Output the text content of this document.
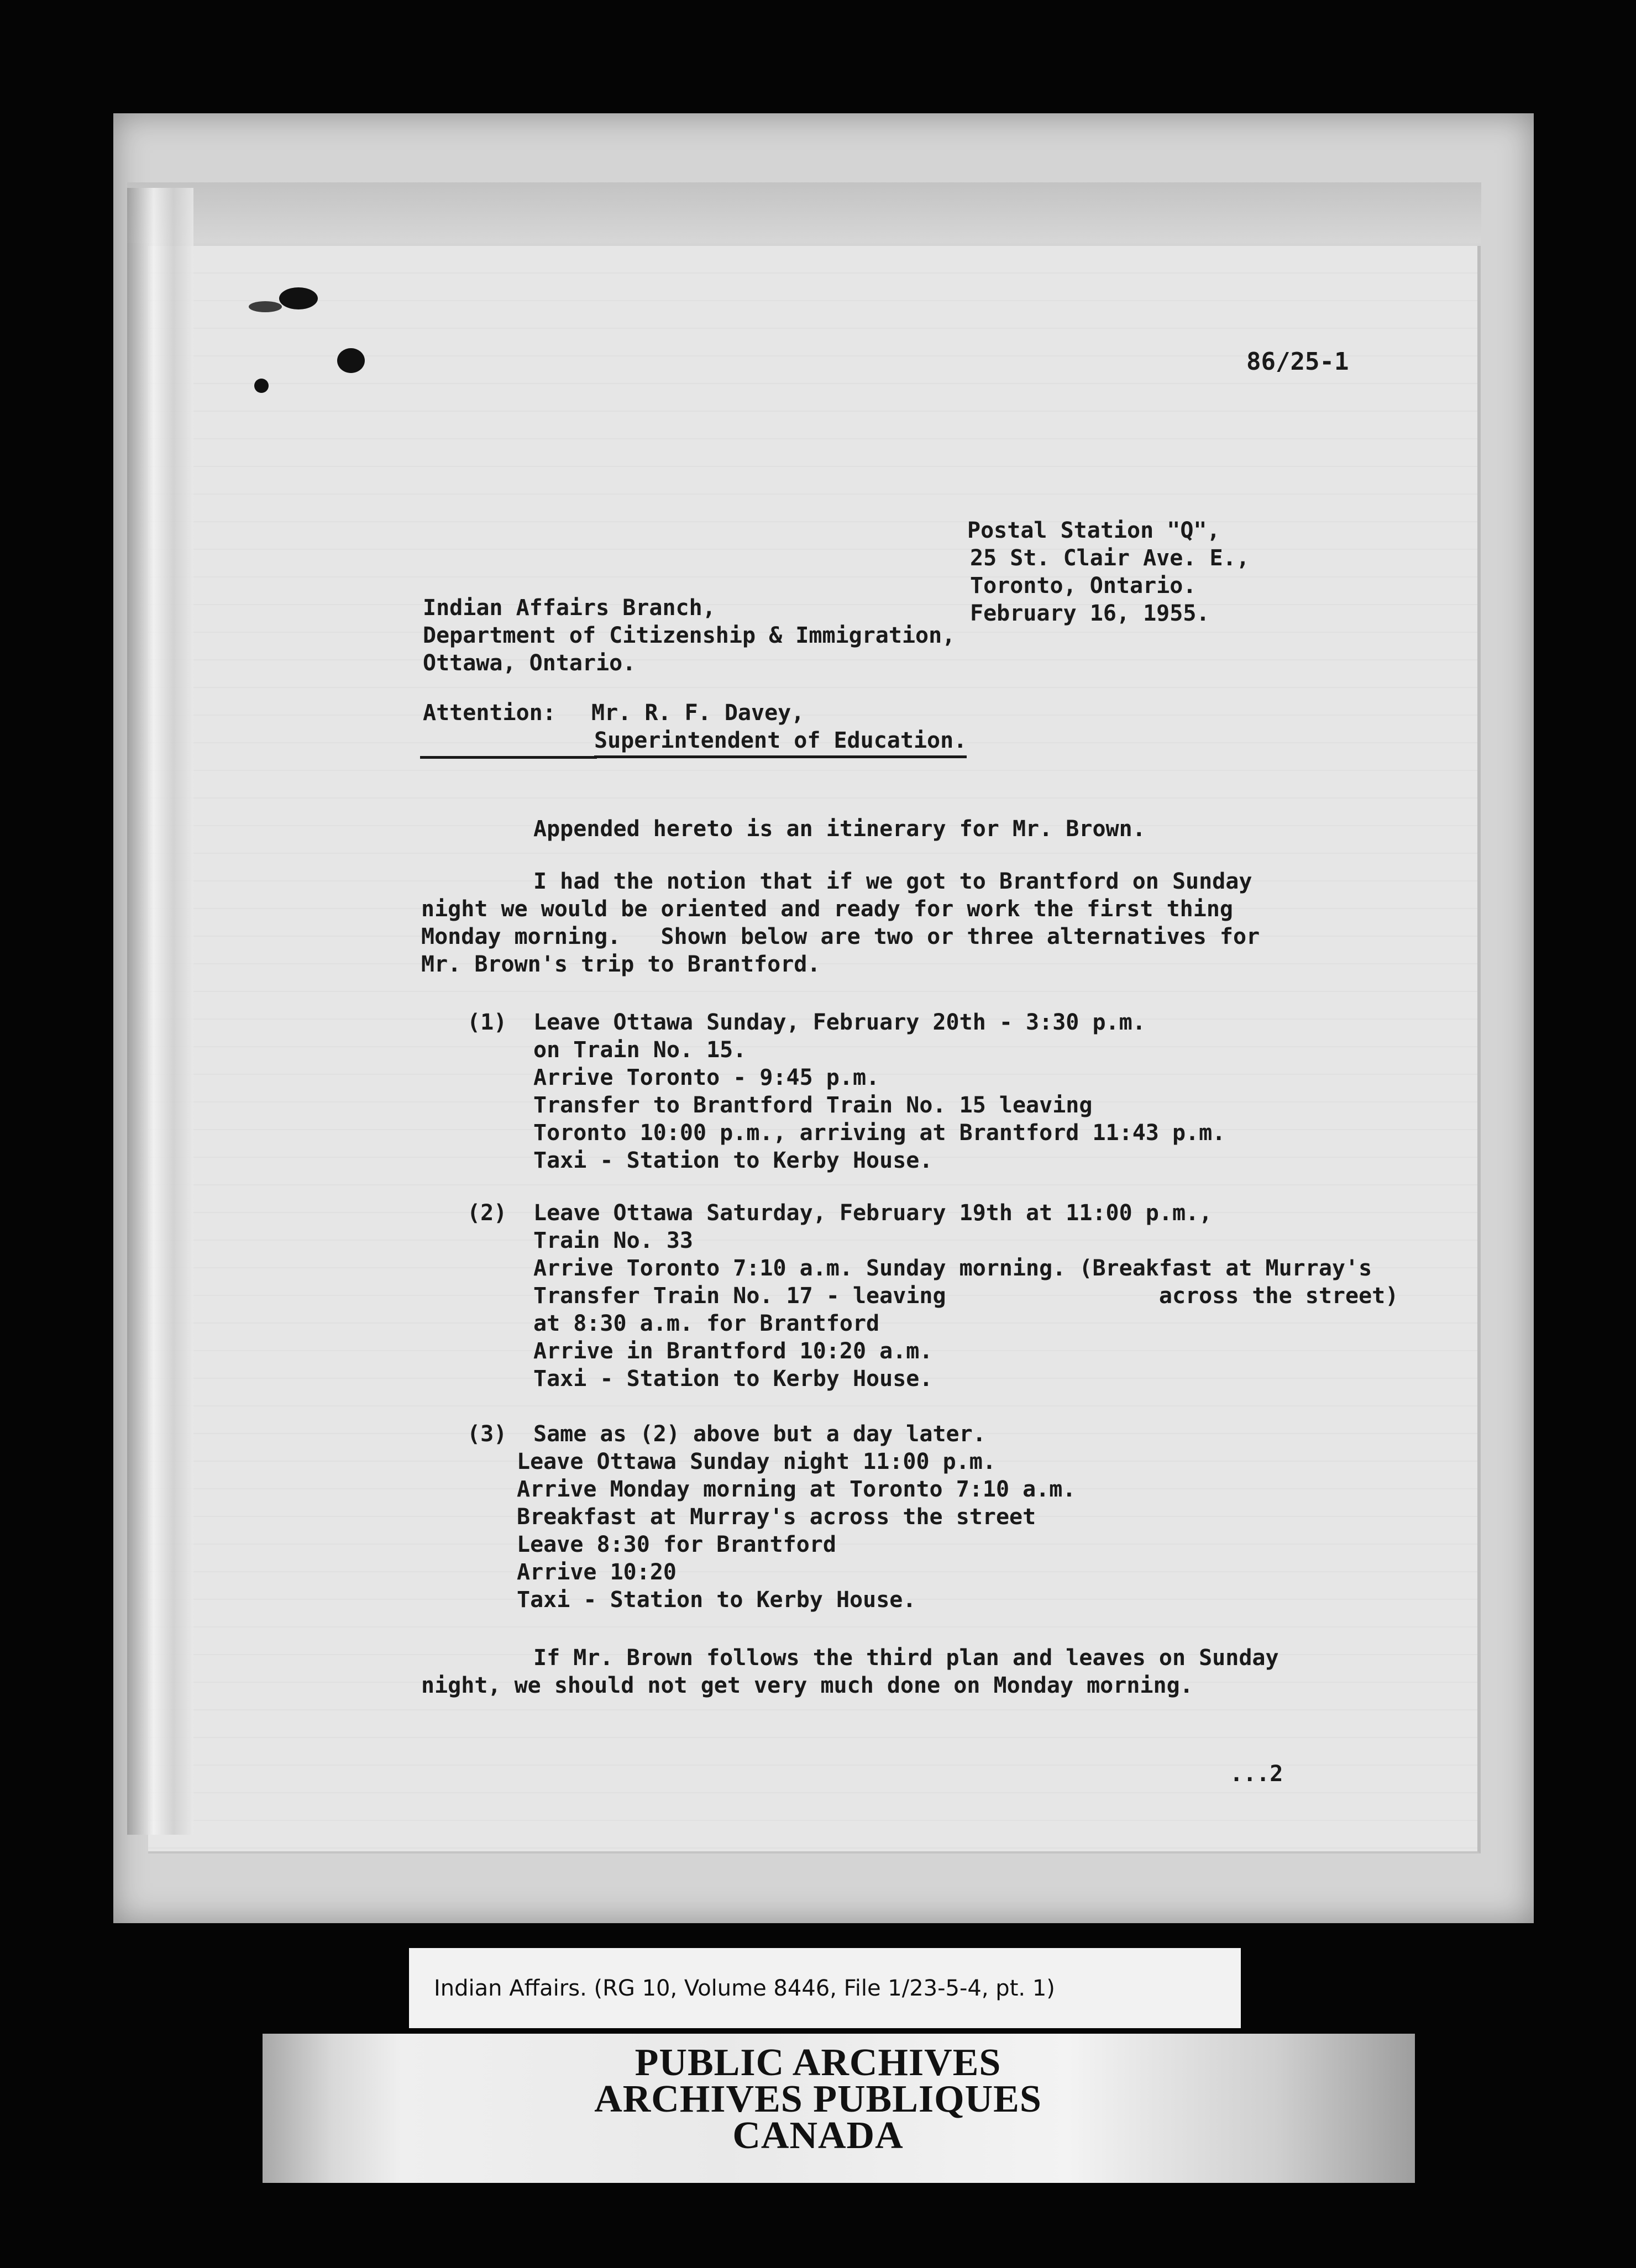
86/25-1
Postal Station "Q",
25 St. Clair Ave. E.,
Toronto, Ontario.
February 16, 1955.
Indian Affairs Branch,
Department of Citizenship & Immigration,
Ottawa, Ontario.
Attention: Mr. R. F. Davey,
Superintendent of Education.
Appended hereto is an itinerary for Mr. Brown.
I had the notion that if we got to Brantford on Sunday
night we would be oriented and ready for work the first thing
Monday morning.   Shown below are two or three alternatives for
Mr. Brown's trip to Brantford.
(1) Leave Ottawa Sunday, February 20th - 3:30 p.m.
on Train No. 15.
Arrive Toronto - 9:45 p.m.
Transfer to Brantford Train No. 15 leaving
Toronto 10:00 p.m., arriving at Brantford 11:43 p.m.
Taxi - Station to Kerby House.
(2) Leave Ottawa Saturday, February 19th at 11:00 p.m.,
Train No. 33
Arrive Toronto 7:10 a.m. Sunday morning. (Breakfast at Murray's
Transfer Train No. 17 - leaving                across the street)
at 8:30 a.m. for Brantford
Arrive in Brantford 10:20 a.m.
Taxi - Station to Kerby House.
(3) Same as (2) above but a day later.
Leave Ottawa Sunday night 11:00 p.m.
Arrive Monday morning at Toronto 7:10 a.m.
Breakfast at Murray's across the street
Leave 8:30 for Brantford
Arrive 10:20
Taxi - Station to Kerby House.
If Mr. Brown follows the third plan and leaves on Sunday
night, we should not get very much done on Monday morning.
...2
Indian Affairs. (RG 10, Volume 8446, File 1/23-5-4, pt. 1)
PUBLIC ARCHIVES
ARCHIVES PUBLIQUES
CANADA
